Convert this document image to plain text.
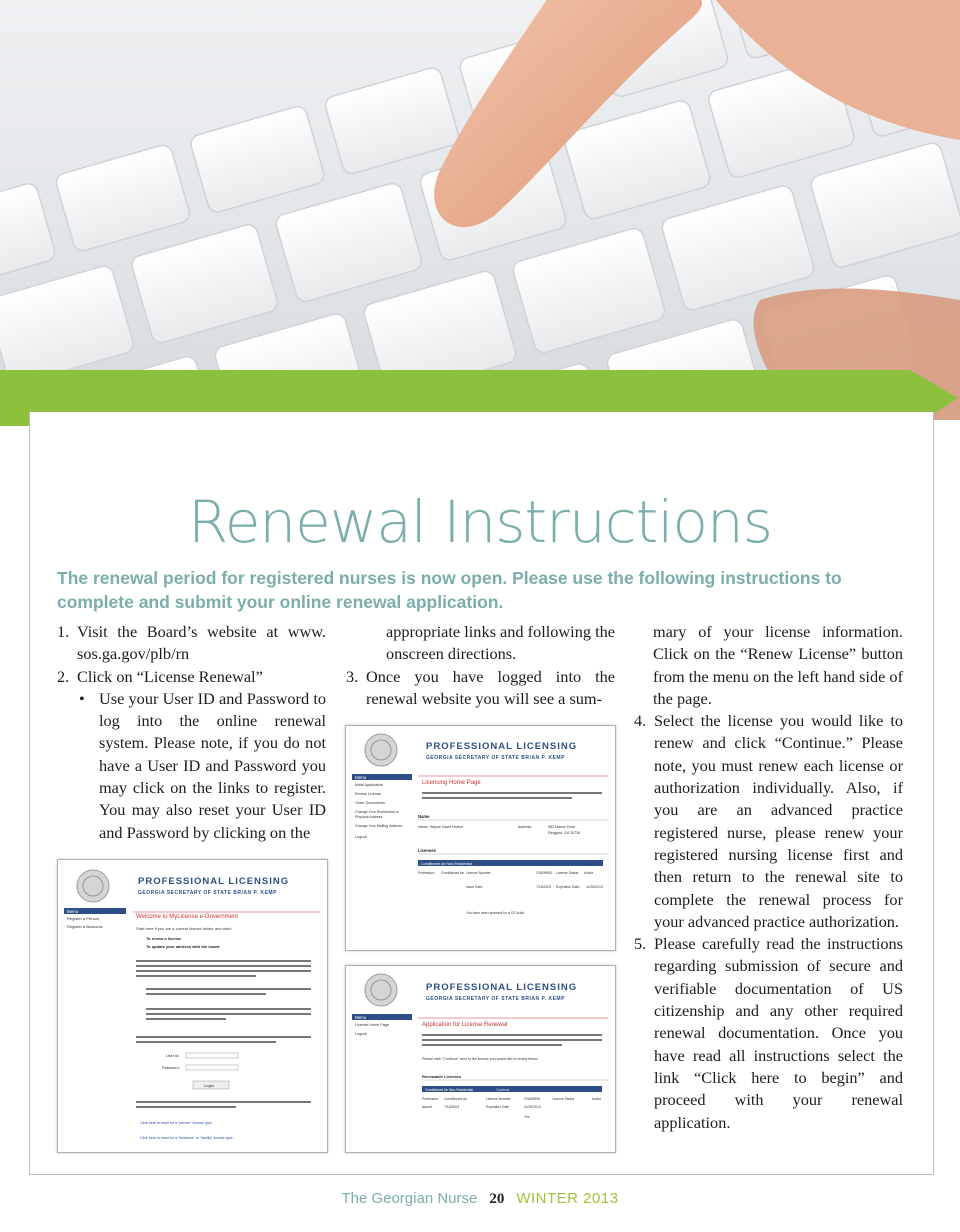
Renewal Instructions
The renewal period for registered nurses is now open. Please use the following instructions to complete and submit your online renewal application.

1. Visit the Board’s website at www. sos.ga.gov/plb/rn

2. Click on “License Renewal”

• Use your User ID and Password to log into the online renewal system. Please note, if you do not have a User ID and Password you may click on the links to register. You may also reset your User ID and Password by clicking on the

appropriate links and following the onscreen directions.

3. Once you have logged into the renewal website you will see a sum-

mary of your license information. Click on the “Renew License” button from the menu on the left hand side of the page.

4. Select the license you would like to renew and click “Continue.” Please note, you must renew each license or authorization individually. Also, if you are an advanced practice registered nurse, please renew your registered nursing license first and then return to the renewal site to complete the renewal process for your advanced practice authorization.

5. Please carefully read the instructions regarding submission of secure and verifiable documentation of US citizenship and any other required renewal documentation. Once you have read all instructions select the link “Click here to begin” and proceed with your renewal application.

PROFESSIONAL LICENSING
GEORGIA SECRETARY OF STATE BRIAN P. KEMP
Menu
Register a Person
Register a Business
Welcome to MyLicense e-Government
Start here if you are a current license holder and wish:
To renew a license
To update your address with the board
User Id:
Password:
Login
Click here to reset for a "person" license type.
Click here to reset for a "business" or "facility" license type.
PROFESSIONAL LICENSING
GEORGIA SECRETARY OF STATE BRIAN P. KEMP
Menu
Initial Application
Renew License
Order Documents
Change Your Residential or
Physical Address
Change Your Mailing Address
Logout
Licensing Home Page
Name
Name: Wayne David Norton	Address:	582 Marion Drive
Ringgold, GA 30736
Licenses
Conditioned Ae Non-Residential
Profession: Conditioned Ae License Number:	CN009900 License Status: Active
Issue Date:	7/16/2003 Expiration Date: 11/30/2013
You have been selected for a CE Audit
PROFESSIONAL LICENSING
GEORGIA SECRETARY OF STATE BRIAN P. KEMP
Menu
License Home Page
Logout
Application for License Renewal
Please click "Continue" next to the license you would like to renew below
Renewable Licenses
Conditioned Ae Non-Residential	Continue
Profession Conditioned Air	License Number	CN009900	License Status	Active
Issued	7/16/2003	Expiration Date	11/30/2013
Yes
The Georgian Nurse 20 WINTER 2013
